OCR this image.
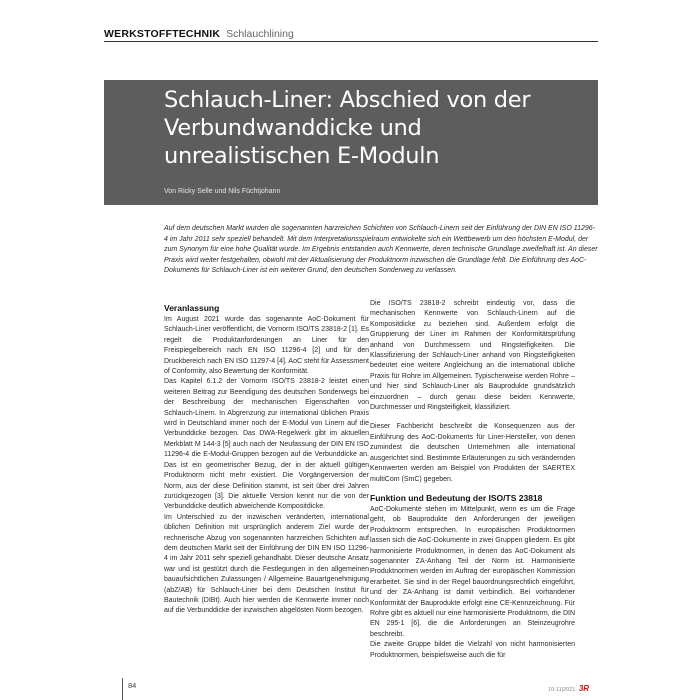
WERKSTOFFTECHNIK Schlauchlining
Schlauch-Liner: Abschied von der Verbundwanddicke und unrealistischen E-Moduln
Von Ricky Selle und Nils Füchtjohann
Auf dem deutschen Markt wurden die sogenannten harzreichen Schichten von Schlauch-Linern seit der Einführung der DIN EN ISO 11296-4 im Jahr 2011 sehr speziell behandelt. Mit dem Interpretationsspielraum entwickelte sich ein Wettbewerb um den höchsten E-Modul, der zum Synonym für eine hohe Qualität wurde. Im Ergebnis entstanden auch Kennwerte, deren technische Grundlage zweifelhaft ist. An dieser Praxis wird weiter festgehalten, obwohl mit der Aktualisierung der Produktnorm inzwischen die Grundlage fehlt. Die Einführung des AoC-Dokuments für Schlauch-Liner ist ein weiterer Grund, den deutschen Sonderweg zu verlassen.
Veranlassung

Im August 2021 wurde das sogenannte AoC-Dokument für Schlauch-Liner veröffentlicht, die Vornorm ISO/TS 23818-2 [1]. Es regelt die Produktanforderungen an Liner für den Freispiegelbereich nach EN ISO 11296-4 [2] und für den Druckbereich nach EN ISO 11297-4 [4]. AoC steht für Assessment of Conformity, also Bewertung der Konformität.

Das Kapitel 6.1.2 der Vornorm ISO/TS 23818-2 leistet einen weiteren Beitrag zur Beendigung des deutschen Sonderwegs bei der Beschreibung der mechanischen Eigenschaften von Schlauch-Linern. In Abgrenzung zur international üblichen Praxis wird in Deutschland immer noch der E-Modul von Linern auf die Verbunddicke bezogen. Das DWA-Regelwerk gibt im aktuellen Merkblatt M 144-3 [5] auch nach der Neufassung der DIN EN ISO 11296-4 die E-Modul-Gruppen bezogen auf die Verbunddicke an. Das ist ein geometrischer Bezug, der in der aktuell gültigen Produktnorm nicht mehr existiert. Die Vorgängerversion der Norm, aus der diese Definition stammt, ist seit über drei Jahren zurückgezogen [3]. Die aktuelle Version kennt nur die von der Verbunddicke deutlich abweichende Kompositdicke.

Im Unterschied zu der inzwischen veränderten, international üblichen Definition mit ursprünglich anderem Ziel wurde der rechnerische Abzug von sogenannten harzreichen Schichten auf dem deutschen Markt seit der Einführung der DIN EN ISO 11296-4 im Jahr 2011 sehr speziell gehandhabt. Dieser deutsche Ansatz war und ist gestützt durch die Festlegungen in den allgemeinen bauaufsichtlichen Zulassungen / Allgemeine Bauartgenehmigung (abZ/AB) für Schlauch-Liner bei dem Deutschen Institut für Bautechnik (DIBt). Auch hier werden die Kennwerte immer noch auf die Verbunddicke der inzwischen abgelösten Norm bezogen.

Die ISO/TS 23818-2 schreibt eindeutig vor, dass die mechanischen Kennwerte von Schlauch-Linern auf die Kompositdicke zu beziehen sind. Außerdem erfolgt die Gruppierung der Liner im Rahmen der Konformitätsprüfung anhand von Durchmessern und Ringsteifigkeiten. Die Klassifizierung der Schlauch-Liner anhand von Ringsteifigkeiten bedeutet eine weitere Angleichung an die international übliche Praxis für Rohre im Allgemeinen. Typischerweise werden Rohre – und hier sind Schlauch-Liner als Bauprodukte grundsätzlich einzuordnen – durch genau diese beiden Kennwerte, Durchmesser und Ringsteifigkeit, klassifiziert.

Dieser Fachbericht beschreibt die Konsequenzen aus der Einführung des AoC-Dokuments für Liner-Hersteller, von denen zumindest die deutschen Unternehmen alle international ausgerichtet sind. Bestimmte Erläuterungen zu sich verändernden Kennwerten werden am Beispiel von Produkten der SAERTEX multiCom (SmC) gegeben.

Funktion und Bedeutung der ISO/TS 23818

AoC-Dokumente stehen im Mittelpunkt, wenn es um die Frage geht, ob Bauprodukte den Anforderungen der jeweiligen Produktnorm entsprechen. In europäischen Produktnormen lassen sich die AoC-Dokumente in zwei Gruppen gliedern. Es gibt harmonisierte Produktnormen, in denen das AoC-Dokument als sogenannter ZA-Anhang Teil der Norm ist. Harmonisierte Produktnormen werden im Auftrag der europäischen Kommission erarbeitet. Sie sind in der Regel bauordnungsrechtlich eingeführt, und der ZA-Anhang ist damit verbindlich. Bei vorhandener Konformität der Bauprodukte erfolgt eine CE-Kennzeichnung. Für Rohre gibt es aktuell nur eine harmonisierte Produktnorm, die DIN EN 295-1 [6], die die Anforderungen an Steinzeugrohre beschreibt.

Die zweite Gruppe bildet die Vielzahl von nicht harmonisierten Produktnormen, beispielsweise auch die für

84	10-11|2021 3R
